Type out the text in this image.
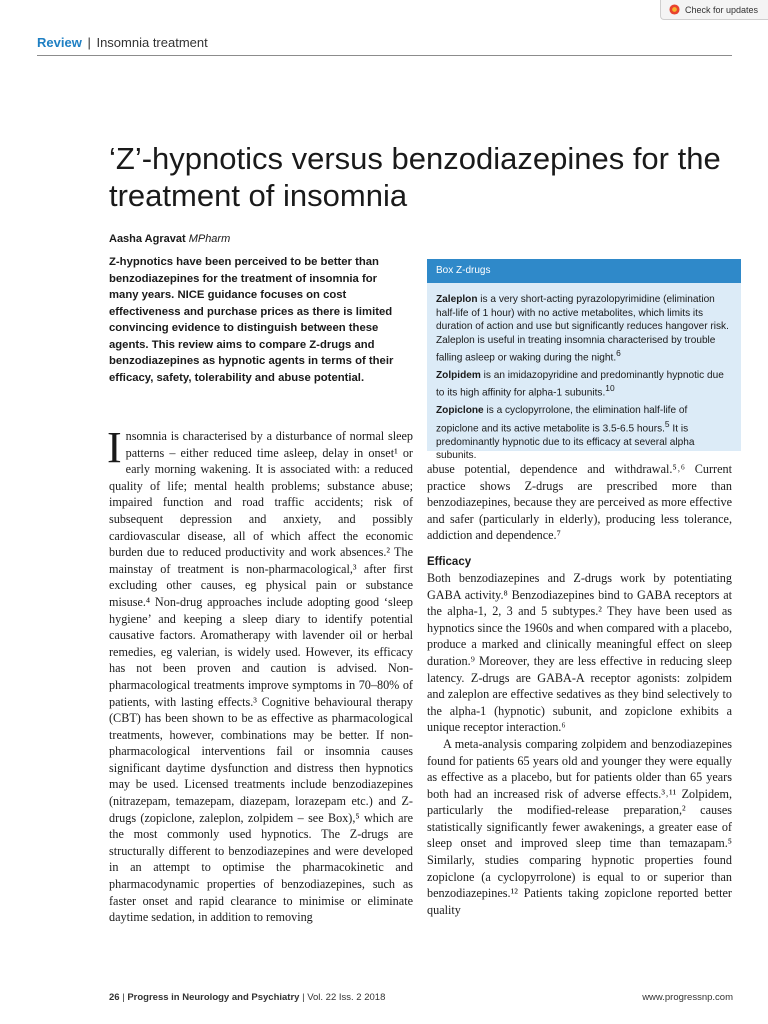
Check for updates
Review | Insomnia treatment
‘Z’-hypnotics versus benzodiazepines for the treatment of insomnia
Aasha Agravat MPharm

Z-hypnotics have been perceived to be better than benzodiazepines for the treatment of insomnia for many years. NICE guidance focuses on cost effectiveness and purchase prices as there is limited convincing evidence to distinguish between these agents. This review aims to compare Z-drugs and benzodiazepines as hypnotic agents in terms of their efficacy, safety, tolerability and abuse potential.

Box Z-drugs

Zaleplon is a very short-acting pyrazolopyrimidine (elimination half-life of 1 hour) with no active metabolites, which limits its duration of action and use but significantly reduces hangover risk. Zaleplon is useful in treating insomnia characterised by trouble falling asleep or waking during the night.$^6$

Zolpidem is an imidazopyridine and predominantly hypnotic due to its high affinity for alpha-1 subunits.$^{10}$

Zopiclone is a cyclopyrrolone, the elimination half-life of zopiclone and its active metabolite is 3.5-6.5 hours.$^5$ It is predominantly hypnotic due to its efficacy at several alpha subunits.

Insomnia is characterised by a disturbance of normal sleep patterns – either reduced time asleep, delay in onset¹ or early morning wakening. It is associated with: a reduced quality of life; mental health problems; substance abuse; impaired function and road traffic accidents; risk of subsequent depression and anxiety, and possibly cardiovascular disease, all of which affect the economic burden due to reduced productivity and work absences.² The mainstay of treatment is non-pharmacological,³ after first excluding other causes, eg physical pain or substance misuse.⁴ Non-drug approaches include adopting good ‘sleep hygiene’ and keeping a sleep diary to identify potential causative factors. Aromatherapy with lavender oil or herbal remedies, eg valerian, is widely used. However, its efficacy has not been proven and caution is advised. Non-pharmacological treatments improve symptoms in 70–80% of patients, with lasting effects.³ Cognitive behavioural therapy (CBT) has been shown to be as effective as pharmacological treatments, however, combinations may be better. If non-pharmacological interventions fail or insomnia causes significant daytime dysfunction and distress then hypnotics may be used. Licensed treatments include benzodiazepines (nitrazepam, temazepam, diazepam, lorazepam etc.) and Z-drugs (zopiclone, zaleplon, zolpidem – see Box),⁵ which are the most commonly used hypnotics. The Z-drugs are structurally different to benzodiazepines and were developed in an attempt to optimise the pharmacokinetic and pharmacodynamic properties of benzodiazepines, such as faster onset and rapid clearance to minimise or eliminate daytime sedation, in addition to removing

abuse potential, dependence and withdrawal.⁵˒⁶ Current practice shows Z-drugs are prescribed more than benzodiazepines, because they are perceived as more effective and safer (particularly in elderly), producing less tolerance, addiction and dependence.⁷

Efficacy

Both benzodiazepines and Z-drugs work by potentiating GABA activity.⁸ Benzodiazepines bind to GABA receptors at the alpha-1, 2, 3 and 5 subtypes.² They have been used as hypnotics since the 1960s and when compared with a placebo, produce a marked and clinically meaningful effect on sleep duration.⁹ Moreover, they are less effective in reducing sleep latency. Z-drugs are GABA-A receptor agonists: zolpidem and zaleplon are effective sedatives as they bind selectively to the alpha-1 (hypnotic) subunit, and zopiclone exhibits a unique receptor interaction.⁶

A meta-analysis comparing zolpidem and benzodiazepines found for patients 65 years old and younger they were equally as effective as a placebo, but for patients older than 65 years both had an increased risk of adverse effects.³˒¹¹ Zolpidem, particularly the modified-release preparation,² causes statistically significantly fewer awakenings, a greater ease of sleep onset and improved sleep time than temazapam.⁵ Similarly, studies comparing hypnotic properties found zopiclone (a cyclopyrrolone) is equal to or superior than benzodiazepines.¹² Patients taking zopiclone reported better quality

26 | Progress in Neurology and Psychiatry | Vol. 22 Iss. 2 2018	www.progressnp.com
